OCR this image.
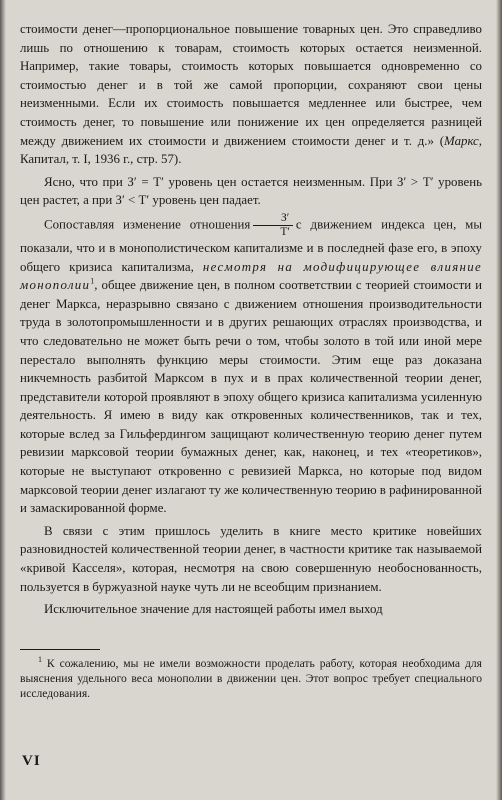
стоимости денег—пропорциональное повышение товарных цен. Это справедливо лишь по отношению к товарам, стоимость которых остается неизменной. Например, такие товары, стоимость которых повышается одновременно со стоимостью денег и в той же самой пропорции, сохраняют свои цены неизменными. Если их стоимость повышается медленнее или быстрее, чем стоимость денег, то повышение или понижение их цен определяется разницей между движением их стоимости и движением стоимости денег и т. д.» (Маркс, Капитал, т. I, 1936 г., стр. 57).

Ясно, что при З′ = Т′ уровень цен остается неизменным. При З′ > Т′ уровень цен растет, а при З′ < Т′ уровень цен падает.

Сопоставляя изменение отношения $\frac{З'}{Т'}$ с движением индекса цен, мы показали, что и в монополистическом капитализме и в последней фазе его, в эпоху общего кризиса капитализма, несмотря на модифицирующее влияние монополии$^1$, общее движение цен, в полном соответствии с теорией стоимости и денег Маркса, неразрывно связано с движением отношения производительности труда в золотопромышленности и в других решающих отраслях производства, и что следовательно не может быть речи о том, чтобы золото в той или иной мере перестало выполнять функцию меры стоимости. Этим еще раз доказана никчемность разбитой Марксом в пух и в прах количественной теории денег, представители которой проявляют в эпоху общего кризиса капитализма усиленную деятельность. Я имею в виду как откровенных количественников, так и тех, которые вслед за Гильфердингом защищают количественную теорию денег путем ревизии марксовой теории бумажных денег, как, наконец, и тех «теоретиков», которые не выступают откровенно с ревизией Маркса, но которые под видом марксовой теории денег излагают ту же количественную теорию в рафинированной и замаскированной форме.

В связи с этим пришлось уделить в книге место критике новейших разновидностей количественной теории денег, в частности критике так называемой «кривой Касселя», которая, несмотря на свою совершенную необоснованность, пользуется в буржуазной науке чуть ли не всеобщим признанием.

Исключительное значение для настоящей работы имел выход

$^1$ К сожалению, мы не имели возможности проделать работу, которая необходима для выяснения удельного веса монополии в движении цен. Этот вопрос требует специального исследования.

VI
